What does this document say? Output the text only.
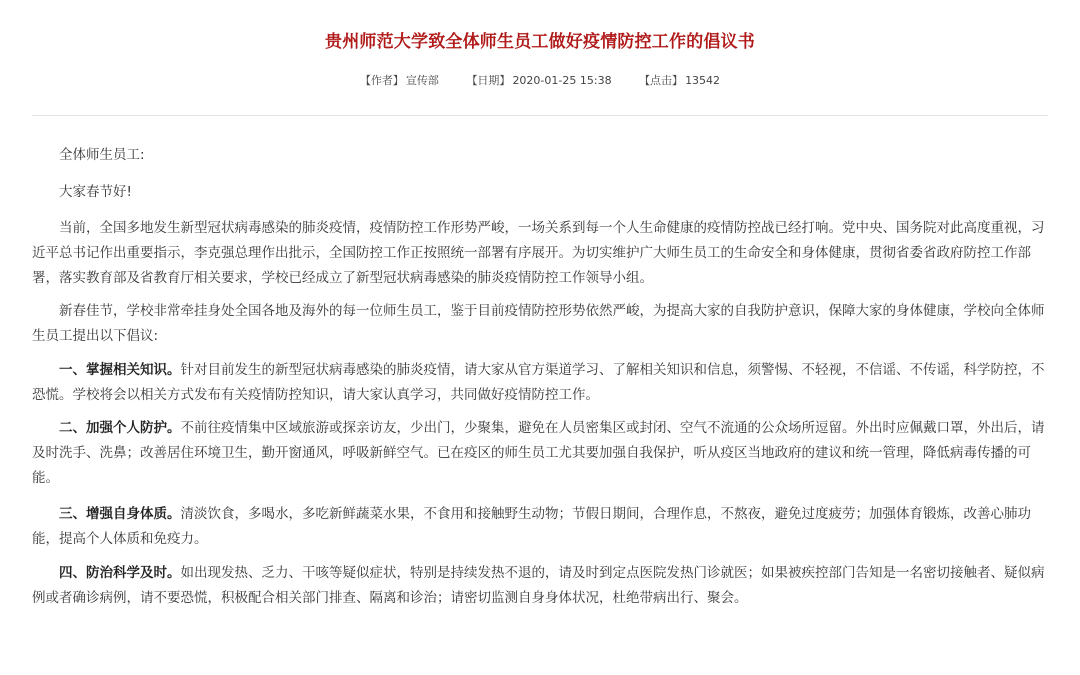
贵州师范大学致全体师生员工做好疫情防控工作的倡议书
【作者】 宣传部	【日期】 2020-01-25 15:38	【点击】 13542

全体师生员工:

大家春节好!

当前，全国多地发生新型冠状病毒感染的肺炎疫情，疫情防控工作形势严峻，一场关系到每一个人生命健康的疫情防控战已经打响。党中央、国务院对此高度重视，习近平总书记作出重要指示，李克强总理作出批示，全国防控工作正按照统一部署有序展开。为切实维护广大师生员工的生命安全和身体健康，贯彻省委省政府防控工作部署，落实教育部及省教育厅相关要求，学校已经成立了新型冠状病毒感染的肺炎疫情防控工作领导小组。

新春佳节，学校非常牵挂身处全国各地及海外的每一位师生员工，鉴于目前疫情防控形势依然严峻，为提高大家的自我防护意识，保障大家的身体健康，学校向全体师生员工提出以下倡议:

一、掌握相关知识。针对目前发生的新型冠状病毒感染的肺炎疫情，请大家从官方渠道学习、了解相关知识和信息，须警惕、不轻视，不信谣、不传谣，科学防控，不恐慌。学校将会以相关方式发布有关疫情防控知识，请大家认真学习，共同做好疫情防控工作。

二、加强个人防护。不前往疫情集中区域旅游或探亲访友，少出门，少聚集，避免在人员密集区或封闭、空气不流通的公众场所逗留。外出时应佩戴口罩，外出后，请及时洗手、洗鼻；改善居住环境卫生，勤开窗通风，呼吸新鲜空气。已在疫区的师生员工尤其要加强自我保护，听从疫区当地政府的建议和统一管理，降低病毒传播的可能。

三、增强自身体质。清淡饮食，多喝水，多吃新鲜蔬菜水果，不食用和接触野生动物；节假日期间，合理作息，不熬夜，避免过度疲劳；加强体育锻炼，改善心肺功能，提高个人体质和免疫力。

四、防治科学及时。如出现发热、乏力、干咳等疑似症状，特别是持续发热不退的，请及时到定点医院发热门诊就医；如果被疾控部门告知是一名密切接触者、疑似病例或者确诊病例，请不要恐慌，积极配合相关部门排查、隔离和诊治；请密切监测自身身体状况，杜绝带病出行、聚会。
